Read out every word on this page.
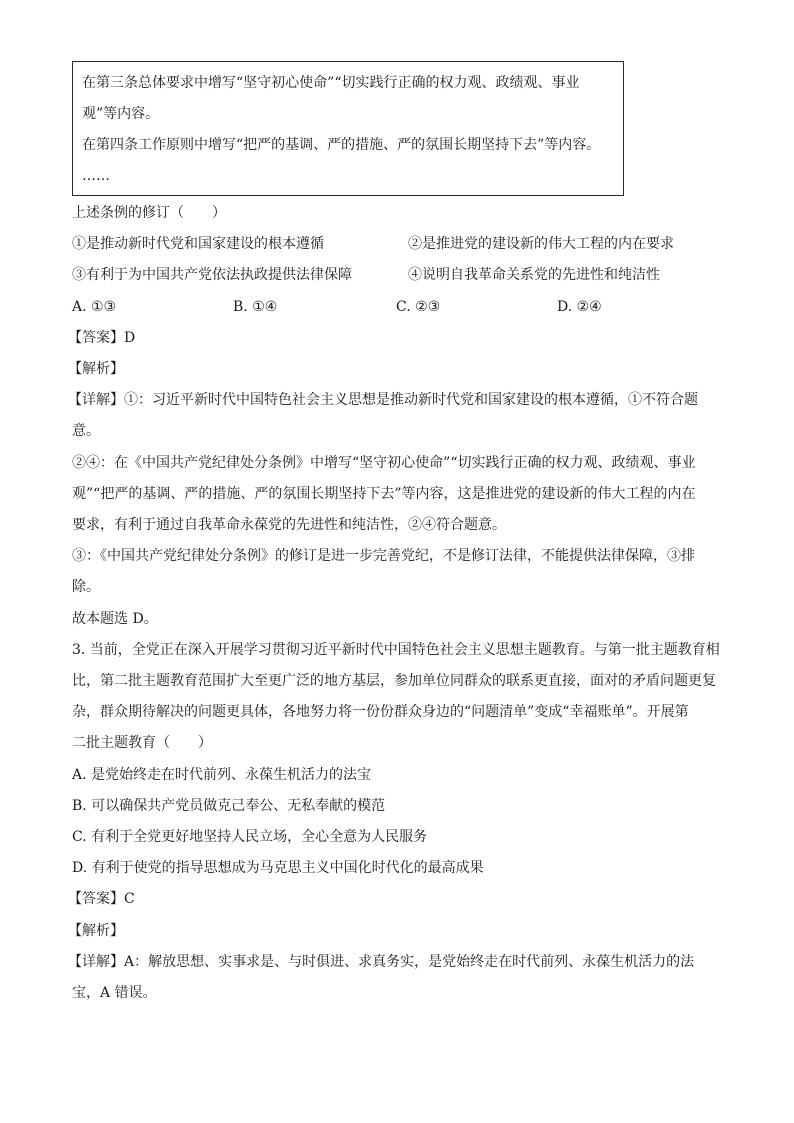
在第三条总体要求中增写“坚守初心使命”“切实践行正确的权力观、政绩观、事业
观”等内容。
在第四条工作原则中增写“把严的基调、严的措施、严的氛围长期坚持下去”等内容。
……
上述条例的修订（　　）
①是推动新时代党和国家建设的根本遵循	②是推进党的建设新的伟大工程的内在要求
③有利于为中国共产党依法执政提供法律保障	④说明自我革命关系党的先进性和纯洁性
A. ①③	B. ①④	C. ②③	D. ②④
【答案】D
【解析】
【详解】①：习近平新时代中国特色社会主义思想是推动新时代党和国家建设的根本遵循，①不符合题
意。
②④：在《中国共产党纪律处分条例》中增写“坚守初心使命”“切实践行正确的权力观、政绩观、事业
观”“把严的基调、严的措施、严的氛围长期坚持下去”等内容，这是推进党的建设新的伟大工程的内在
要求，有利于通过自我革命永葆党的先进性和纯洁性，②④符合题意。
③：《中国共产党纪律处分条例》的修订是进一步完善党纪，不是修订法律，不能提供法律保障，③排
除。
故本题选 D。
3. 当前，全党正在深入开展学习贯彻习近平新时代中国特色社会主义思想主题教育。与第一批主题教育相
比，第二批主题教育范围扩大至更广泛的地方基层，参加单位同群众的联系更直接，面对的矛盾问题更复
杂，群众期待解决的问题更具体，各地努力将一份份群众身边的“问题清单”变成“幸福账单”。开展第
二批主题教育（　　）
A. 是党始终走在时代前列、永葆生机活力的法宝
B. 可以确保共产党员做克己奉公、无私奉献的模范
C. 有利于全党更好地坚持人民立场，全心全意为人民服务
D. 有利于使党的指导思想成为马克思主义中国化时代化的最高成果
【答案】C
【解析】
【详解】A：解放思想、实事求是、与时俱进、求真务实，是党始终走在时代前列、永葆生机活力的法
宝，A 错误。
